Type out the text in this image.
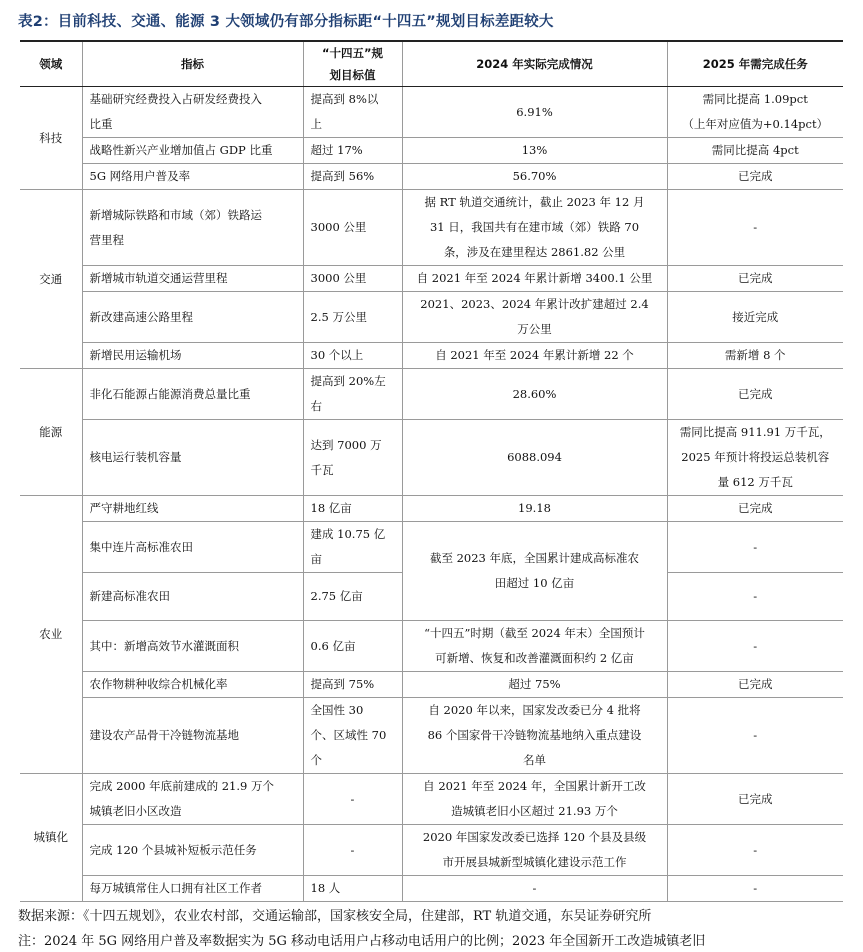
表2：目前科技、交通、能源 3 大领域仍有部分指标距“十四五”规划目标差距较大
领域	指标	“十四五”规
划目标值	2024 年实际完成情况	2025 年需完成任务
科技	基础研究经费投入占研发经费投入
比重	提高到 8%以
上	6.91%	需同比提高 1.09pct
（上年对应值为+0.14pct）

	战略性新兴产业增加值占 GDP 比重	超过 17%	13%	需同比提高 4pct
	5G 网络用户普及率	提高到 56%	56.70%	已完成
交通	新增城际铁路和市域（郊）铁路运
营里程	3000 公里	据 RT 轨道交通统计，截止 2023 年 12 月
31 日，我国共有在建市域（郊）铁路 70
条，涉及在建里程达 2861.82 公里	-
	新增城市轨道交通运营里程	3000 公里	自 2021 年至 2024 年累计新增 3400.1 公里	已完成
	新改建高速公路里程	2.5 万公里	2021、2023、2024 年累计改扩建超过 2.4
万公里	接近完成
	新增民用运输机场	30 个以上	自 2021 年至 2024 年累计新增 22 个	需新增 8 个
能源	非化石能源占能源消费总量比重	提高到 20%左
右	28.60%	已完成
	核电运行装机容量	达到 7000 万
千瓦	6088.094	需同比提高 911.91 万千瓦，
2025 年预计将投运总装机容
量 612 万千瓦

农业	严守耕地红线	18 亿亩	19.18	已完成
	集中连片高标准农田	建成 10.75 亿
亩	截至 2023 年底，全国累计建成高标准农
田超过 10 亿亩	-
	新建高标准农田	2.75 亿亩		-
	其中：新增高效节水灌溉面积	0.6 亿亩	“十四五”时期（截至 2024 年末）全国预计
可新增、恢复和改善灌溉面积约 2 亿亩	-
	农作物耕种收综合机械化率	提高到 75%	超过 75%	已完成
	建设农产品骨干冷链物流基地	全国性 30
个、区域性 70
个	自 2020 年以来，国家发改委已分 4 批将
86 个国家骨干冷链物流基地纳入重点建设
名单	-
城镇化	完成 2000 年底前建成的 21.9 万个
城镇老旧小区改造	-	自 2021 年至 2024 年，全国累计新开工改
造城镇老旧小区超过 21.93 万个	已完成
	完成 120 个县城补短板示范任务	-	2020 年国家发改委已选择 120 个县及县级
市开展县城新型城镇化建设示范工作	-
	每万城镇常住人口拥有社区工作者	18 人	-	-
数据来源：《十四五规划》，农业农村部，交通运输部，国家核安全局，住建部，RT 轨道交通，东吴证券研究所
注：2024 年 5G 网络用户普及率数据实为 5G 移动电话用户占移动电话用户的比例；2023 年全国新开工改造城镇老旧
